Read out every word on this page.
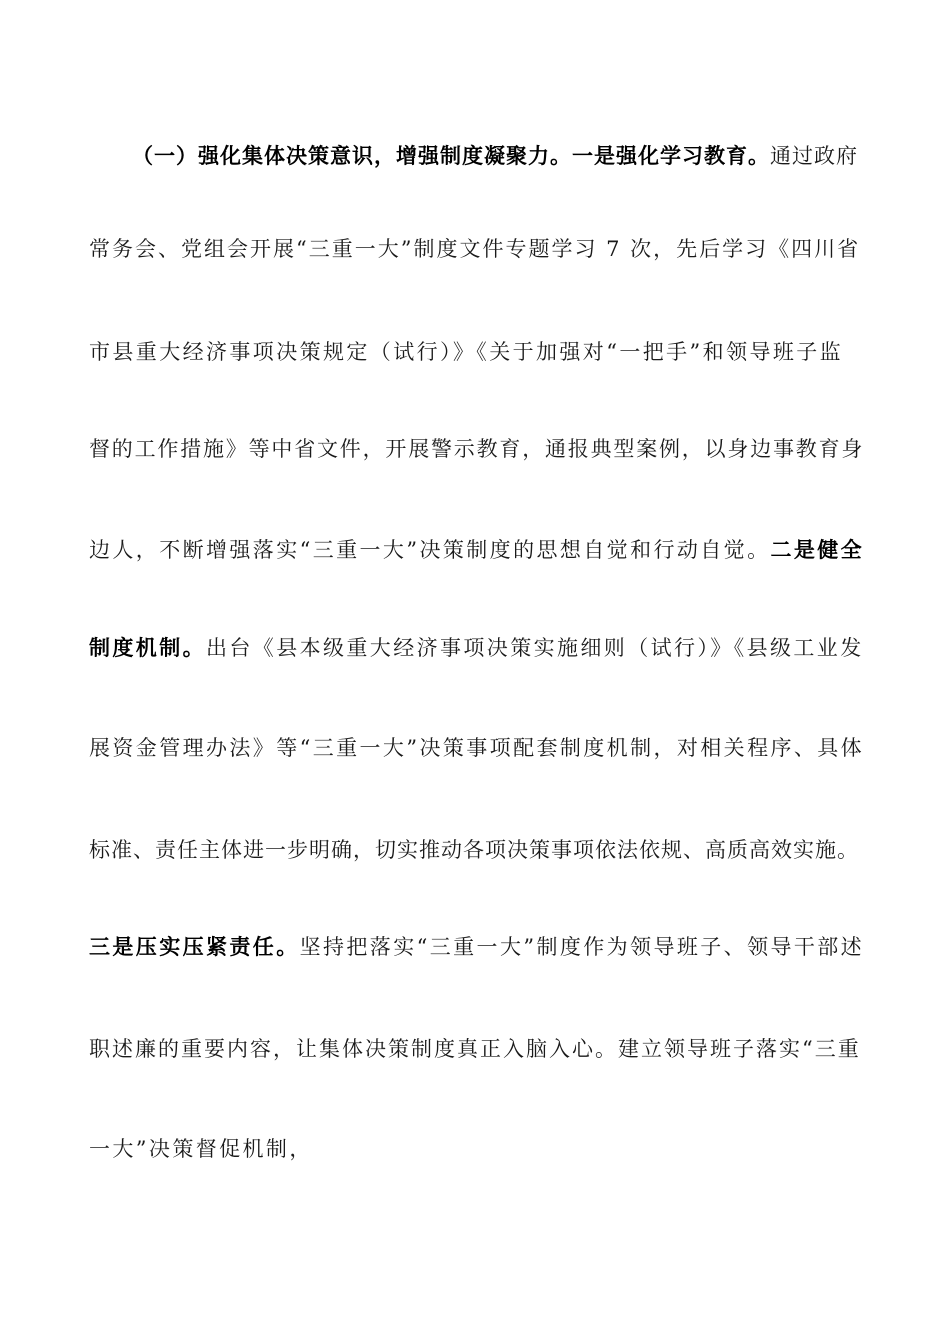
（一）强化集体决策意识，增强制度凝聚力。一是强化学习教育。通过政府
常务会、党组会开展“三重一大”制度文件专题学习 7 次，先后学习《四川省
市县重大经济事项决策规定（试行）》《关于加强对“一把手”和领导班子监
督的工作措施》等中省文件，开展警示教育，通报典型案例，以身边事教育身
边人，不断增强落实“三重一大”决策制度的思想自觉和行动自觉。二是健全
制度机制。出台《县本级重大经济事项决策实施细则（试行）》《县级工业发
展资金管理办法》等“三重一大”决策事项配套制度机制，对相关程序、具体
标准、责任主体进一步明确，切实推动各项决策事项依法依规、高质高效实施。
三是压实压紧责任。坚持把落实“三重一大”制度作为领导班子、领导干部述
职述廉的重要内容，让集体决策制度真正入脑入心。建立领导班子落实“三重
一大”决策督促机制，
